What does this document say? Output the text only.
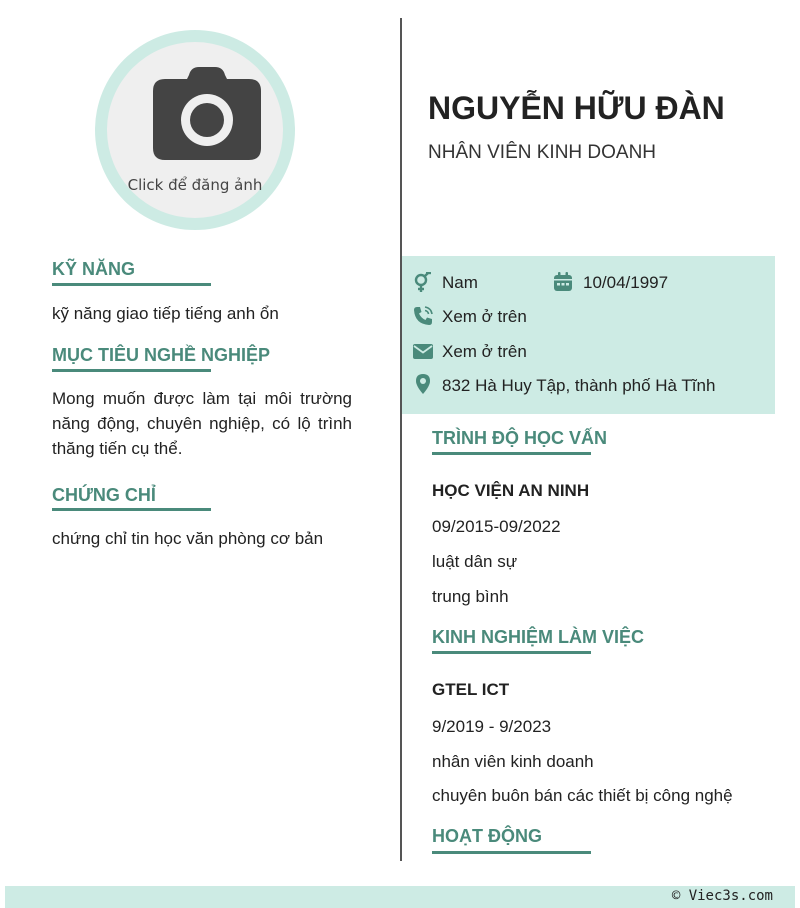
Click để đăng ảnh
KỸ NĂNG
kỹ năng giao tiếp tiếng anh ổn
MỤC TIÊU NGHỀ NGHIỆP
Mong muốn được làm tại môi trường năng động, chuyên nghiệp, có lộ trình thăng tiến cụ thể.
CHỨNG CHỈ
chứng chỉ tin học văn phòng cơ bản
NGUYỄN HỮU ĐÀN
NHÂN VIÊN KINH DOANH
Nam	10/04/1997
Xem ở trên
Xem ở trên
832 Hà Huy Tập, thành phố Hà Tĩnh
TRÌNH ĐỘ HỌC VẤN
HỌC VIỆN AN NINH
09/2015-09/2022
luật dân sự
trung bình
KINH NGHIỆM LÀM VIỆC
GTEL ICT
9/2019 - 9/2023
nhân viên kinh doanh
chuyên buôn bán các thiết bị công nghệ
HOẠT ĐỘNG
© Viec3s.com
